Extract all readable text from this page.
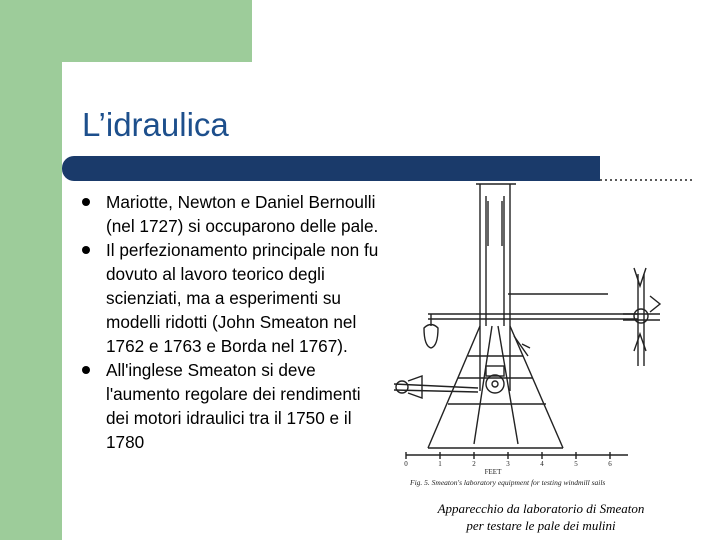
L’idraulica
Mariotte, Newton e Daniel Bernoulli (nel 1727) si occuparono delle pale.
Il perfezionamento principale non fu dovuto al lavoro teorico degli scienziati, ma a esperimenti su modelli ridotti (John Smeaton nel 1762 e 1763 e Borda nel 1767).
All'inglese Smeaton si deve l'aumento regolare dei rendimenti dei motori idraulici tra il 1750 e il 1780
0	1	2	3	4	5	6
FEET
Fig. 5. Smeaton's laboratory equipment for testing windmill sails
Apparecchio da laboratorio di Smeaton
per testare le pale dei mulini
